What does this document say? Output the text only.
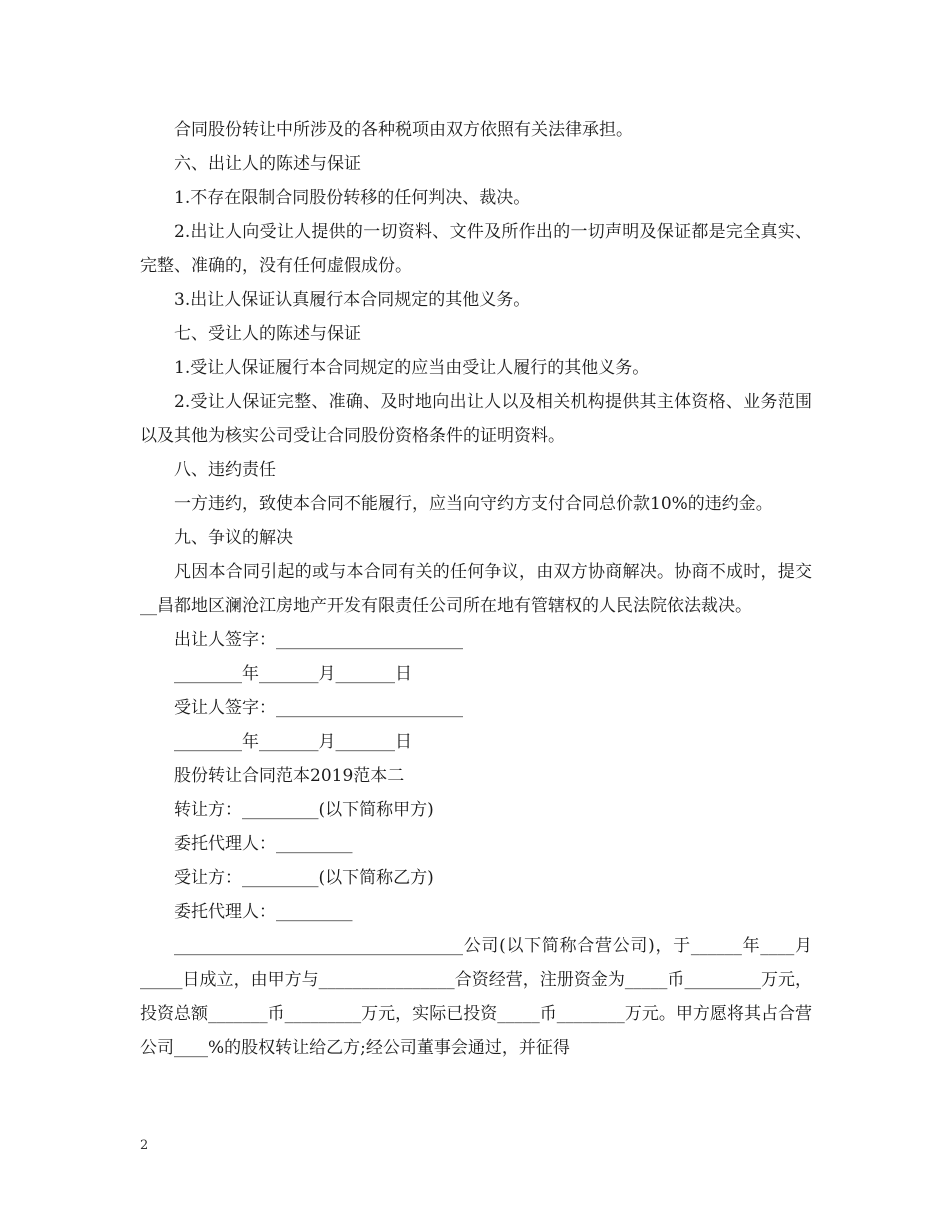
合同股份转让中所涉及的各种税项由双方依照有关法律承担。

六、出让人的陈述与保证

1.不存在限制合同股份转移的任何判决、裁决。

2.出让人向受让人提供的一切资料、文件及所作出的一切声明及保证都是完全真实、完整、准确的，没有任何虚假成份。

3.出让人保证认真履行本合同规定的其他义务。

七、受让人的陈述与保证

1.受让人保证履行本合同规定的应当由受让人履行的其他义务。

2.受让人保证完整、准确、及时地向出让人以及相关机构提供其主体资格、业务范围以及其他为核实公司受让合同股份资格条件的证明资料。

八、违约责任

一方违约，致使本合同不能履行，应当向守约方支付合同总价款10%的违约金。

九、争议的解决

凡因本合同引起的或与本合同有关的任何争议，由双方协商解决。协商不成时，提交__昌都地区澜沧江房地产开发有限责任公司所在地有管辖权的人民法院依法裁决。

出让人签字：______________________

________年_______月_______日

受让人签字：______________________

________年_______月_______日

股份转让合同范本2019范本二

转让方：_________(以下简称甲方)

委托代理人：_________

受让方：_________(以下简称乙方)

委托代理人：_________

__________________________________公司(以下简称合营公司)，于______年____月_____日成立，由甲方与________________合资经营，注册资金为_____币_________万元，投资总额_______币_________万元，实际已投资_____币________万元。甲方愿将其占合营公司____%的股权转让给乙方;经公司董事会通过，并征得

2
